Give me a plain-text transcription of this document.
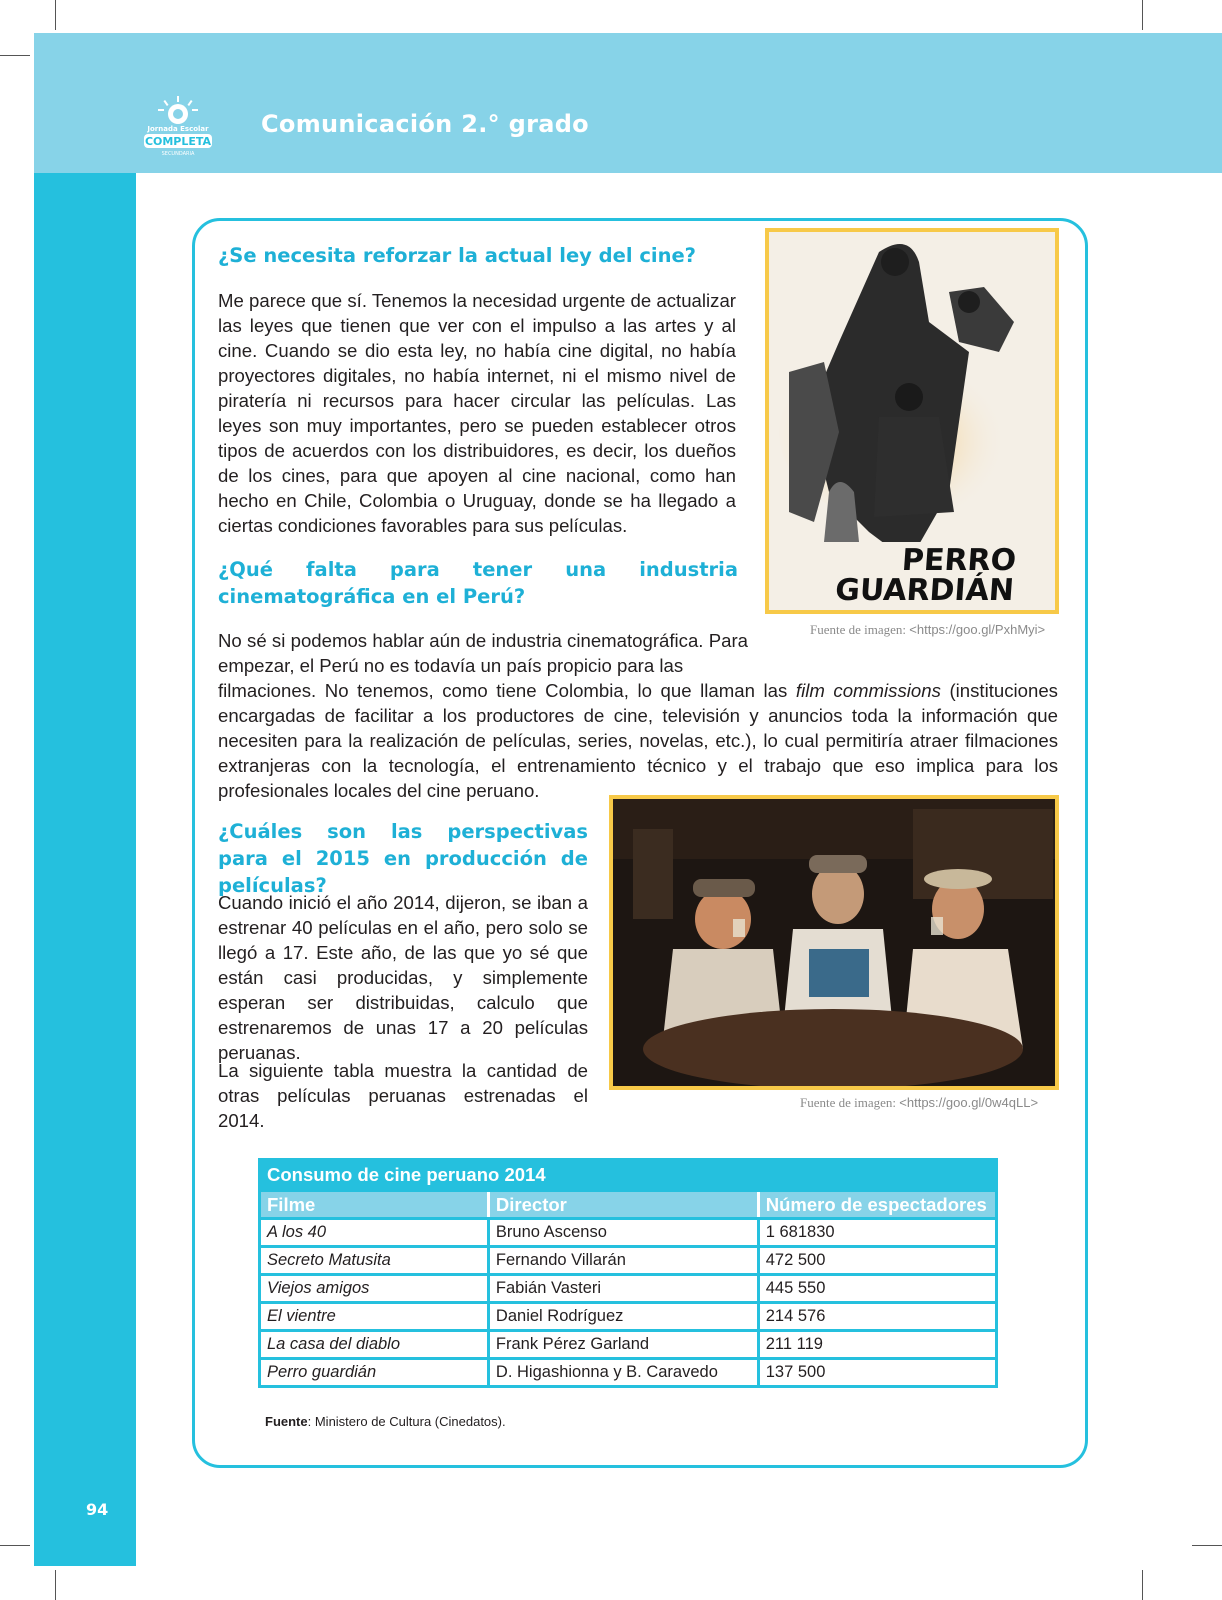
Jornada Escolar
COMPLETA
SECUNDARIA
Comunicación 2.° grado
94
¿Se necesita reforzar la actual ley del cine?

Me parece que sí. Tenemos la necesidad urgente de actualizar las leyes que tienen que ver con el impulso a las artes y al cine. Cuando se dio esta ley, no había cine digital, no había proyectores digitales, no había internet, ni el mismo nivel de piratería ni recursos para hacer circular las películas. Las leyes son muy importantes, pero se pueden establecer otros tipos de acuerdos con los distribuidores, es decir, los dueños de los cines, para que apoyen al cine nacional, como han hecho en Chile, Colombia o Uruguay, donde se ha llegado a ciertas condiciones favorables para sus películas.

¿Qué falta para tener una industria cinematográfica en el Perú?

No sé si podemos hablar aún de industria cinematográfica. Para empezar, el Perú no es todavía un país propicio para las

filmaciones. No tenemos, como tiene Colombia, lo que llaman las film commissions (instituciones encargadas de facilitar a los productores de cine, televisión y anuncios toda la información que necesiten para la realización de películas, series, novelas, etc.), lo cual permitiría atraer filmaciones extranjeras con la tecnología, el entrenamiento técnico y el trabajo que eso implica para los profesionales locales del cine peruano.

¿Cuáles son las perspectivas para el 2015 en producción de películas?

Cuando inició el año 2014, dijeron, se iban a estrenar 40 películas en el año, pero solo se llegó a 17. Este año, de las que yo sé que están casi producidas, y simplemente esperan ser distribuidas, calculo que estrenaremos de unas 17 a 20 películas peruanas.

La siguiente tabla muestra la cantidad de otras películas peruanas estrenadas el 2014.

PERRO
GUARDIÁN
Fuente de imagen: <https://goo.gl/PxhMyi>
Fuente de imagen: <https://goo.gl/0w4qLL>
Consumo de cine peruano 2014		
Filme	Director	Número de espectadores
A los 40	Bruno Ascenso	1 681830
Secreto Matusita	Fernando Villarán	472 500
Viejos amigos	Fabián Vasteri	445 550
El vientre	Daniel Rodríguez	214 576
La casa del diablo	Frank Pérez Garland	211 119
Perro guardián	D. Higashionna y B. Caravedo	137 500
Fuente: Ministero de Cultura (Cinedatos).
